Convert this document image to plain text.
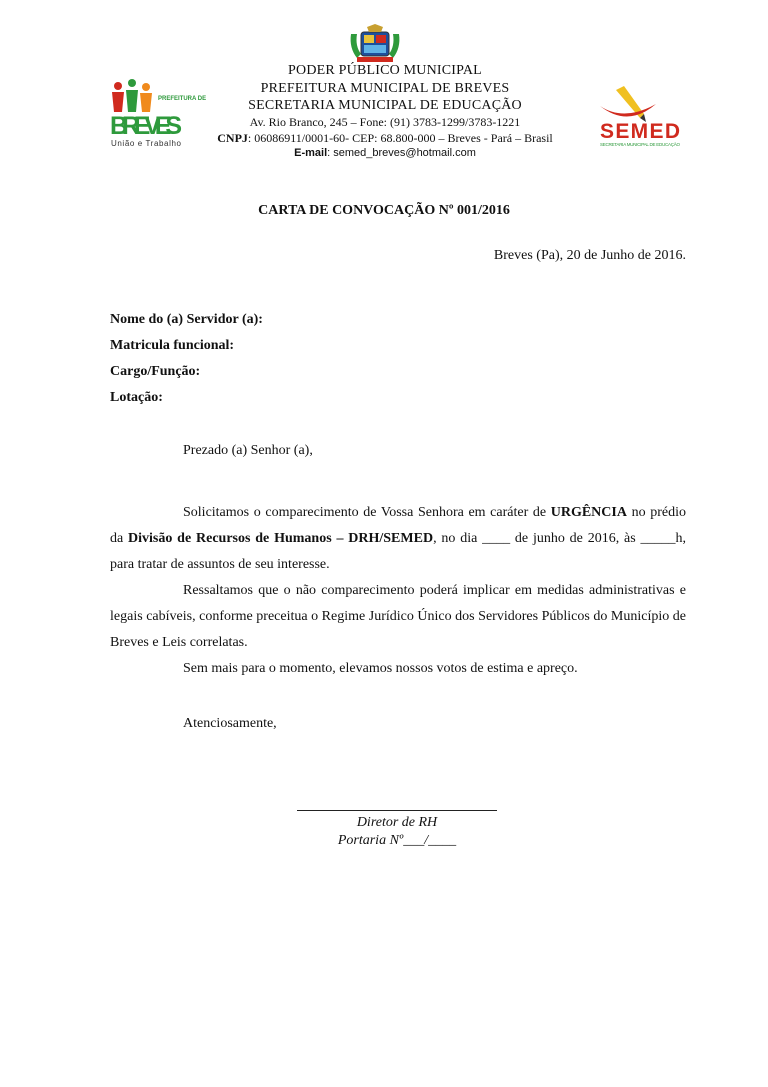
PREFEITURA DE
BREVES
União e Trabalho
SEMED
SECRETARIA MUNICIPAL DE EDUCAÇÃO
PODER PÚBLICO MUNICIPAL
PREFEITURA MUNICIPAL DE BREVES
SECRETARIA MUNICIPAL DE EDUCAÇÃO
Av. Rio Branco, 245 – Fone: (91) 3783-1299/3783-1221
CNPJ: 06086911/0001-60- CEP: 68.800-000 – Breves - Pará – Brasil
E-mail: semed_breves@hotmail.com
CARTA DE CONVOCAÇÃO Nº 001/2016
Breves (Pa), 20 de Junho de 2016.
Nome do (a) Servidor (a):
Matricula funcional:
Cargo/Função:
Lotação:
Prezado (a) Senhor (a),
Solicitamos o comparecimento de Vossa Senhora em caráter de URGÊNCIA no prédio da Divisão de Recursos de Humanos – DRH/SEMED, no dia ____ de junho de 2016, às _____h, para tratar de assuntos de seu interesse.
Ressaltamos que o não comparecimento poderá implicar em medidas administrativas e legais cabíveis, conforme preceitua o Regime Jurídico Único dos Servidores Públicos do Município de Breves e Leis correlatas.
Sem mais para o momento, elevamos nossos votos de estima e apreço.
Atenciosamente,
Diretor de RH
Portaria Nº___/____
